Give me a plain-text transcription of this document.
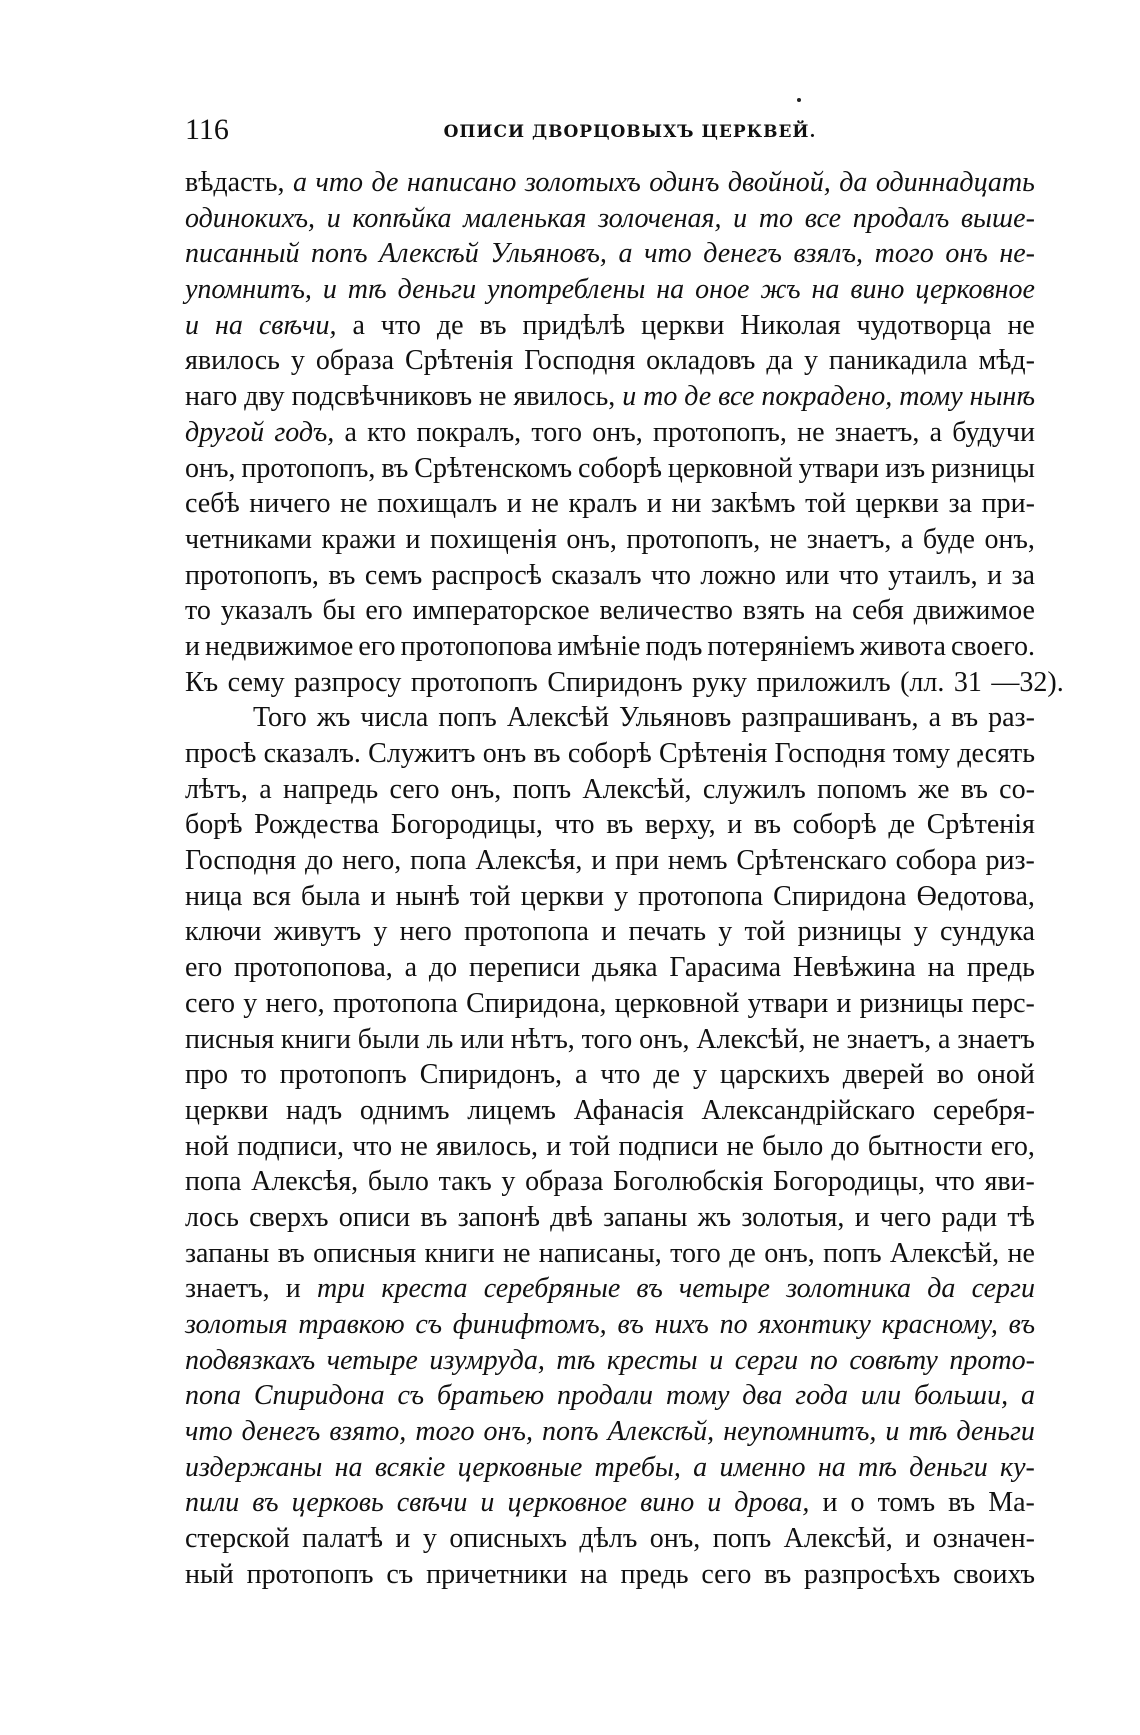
116	ОПИСИ ДВОРЦОВЫХЪ ЦЕРКВЕЙ.
вѣдасть, а что де написано золотыхъ одинъ двойной, да одиннадцать
одинокихъ, и копѣйка маленькая золоченая, и то все продалъ выше-
писанный попъ Алексѣй Ульяновъ, а что денегъ взялъ, того онъ не-
упомнитъ, и тѣ деньги употреблены на оное жъ на вино церковное
и на свѣчи, а что де въ придѣлѣ церкви Николая чудотворца не
явилось у образа Срѣтенія Господня окладовъ да у паникадила мѣд-
наго дву подсвѣчниковъ не явилось, и то де все покрадено, тому нынѣ
другой годъ, а кто покралъ, того онъ, протопопъ, не знаетъ, а будучи
онъ, протопопъ, въ Срѣтенскомъ соборѣ церковной утвари изъ ризницы
себѣ ничего не похищалъ и не кралъ и ни закѣмъ той церкви за при-
четниками кражи и похищенія онъ, протопопъ, не знаетъ, а буде онъ,
протопопъ, въ семъ распросѣ сказалъ что ложно или что утаилъ, и за
то указалъ бы его императорское величество взять на себя движимое
и недвижимое его протопопова имѣніе подъ потеряніемъ живота своего.
Къ сему разпросу протопопъ Спиридонъ руку приложилъ (лл. 31 —32).
Того жъ числа попъ Алексѣй Ульяновъ разпрашиванъ, а въ раз-
просѣ сказалъ. Служитъ онъ въ соборѣ Срѣтенія Господня тому десять
лѣтъ, а напредь сего онъ, попъ Алексѣй, служилъ попомъ же въ со-
борѣ Рождества Богородицы, что въ верху, и въ соборѣ де Срѣтенія
Господня до него, попа Алексѣя, и при немъ Срѣтенскаго собора риз-
ница вся была и нынѣ той церкви у протопопа Спиридона Өедотова,
ключи живутъ у него протопопа и печать у той ризницы у сундука
его протопопова, а до переписи дьяка Гарасима Невѣжина на предь
сего у него, протопопа Спиридона, церковной утвари и ризницы перс-
писныя книги были ль или нѣтъ, того онъ, Алексѣй, не знаетъ, а знаетъ
про то протопопъ Спиридонъ, а что де у царскихъ дверей во оной
церкви надъ однимъ лицемъ Афанасія Александрійскаго серебря-
ной подписи, что не явилось, и той подписи не было до бытности его,
попа Алексѣя, было такъ у образа Боголюбскія Богородицы, что яви-
лось сверхъ описи въ запонѣ двѣ запаны жъ золотыя, и чего ради тѣ
запаны въ описныя книги не написаны, того де онъ, попъ Алексѣй, не
знаетъ, и три креста серебряные въ четыре золотника да серги
золотыя травкою съ финифтомъ, въ нихъ по яхонтику красному, въ
подвязкахъ четыре изумруда, тѣ кресты и серги по совѣту прото-
попа Спиридона съ братьею продали тому два года или больши, а
что денегъ взято, того онъ, попъ Алексѣй, неупомнитъ, и тѣ деньги
издержаны на всякіе церковные требы, а именно на тѣ деньги ку-
пили въ церковь свѣчи и церковное вино и дрова, и о томъ въ Ма-
стерской палатѣ и у описныхъ дѣлъ онъ, попъ Алексѣй, и означен-
ный протопопъ съ причетники на предь сего въ разпросѣхъ своихъ
